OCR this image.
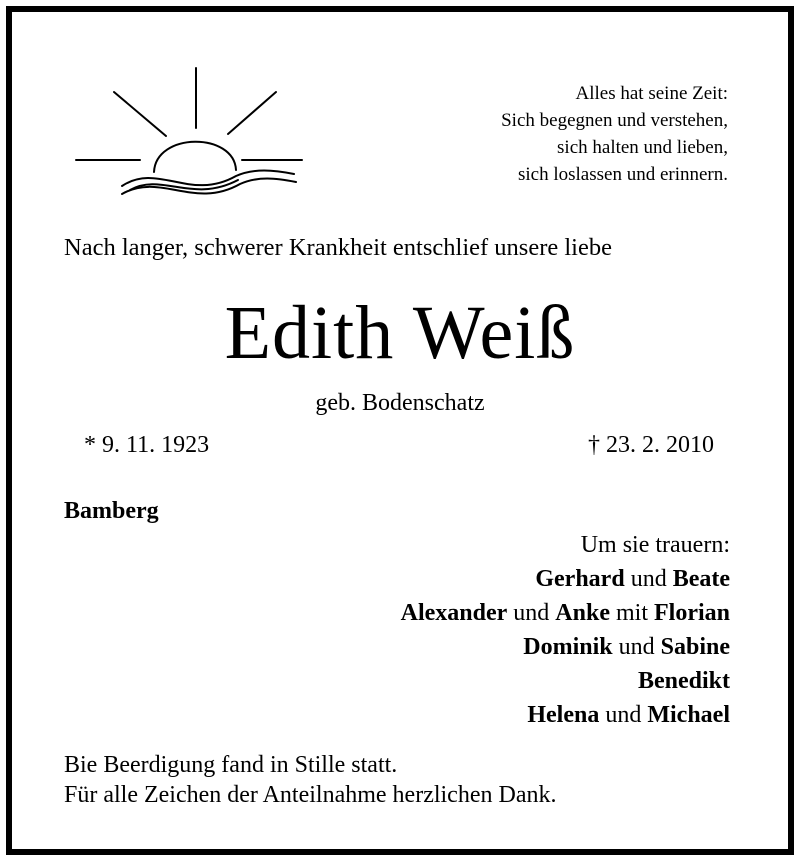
Alles hat seine Zeit:
Sich begegnen und verstehen,
sich halten und lieben,
sich loslassen und erinnern.
Nach langer, schwerer Krankheit entschlief unsere liebe
Edith Weiß
geb. Bodenschatz
* 9. 11. 1923	† 23. 2. 2010
Bamberg
Um sie trauern:
Gerhard und Beate
Alexander und Anke mit Florian
Dominik und Sabine
Benedikt
Helena und Michael
Bie Beerdigung fand in Stille statt.
Für alle Zeichen der Anteilnahme herzlichen Dank.
